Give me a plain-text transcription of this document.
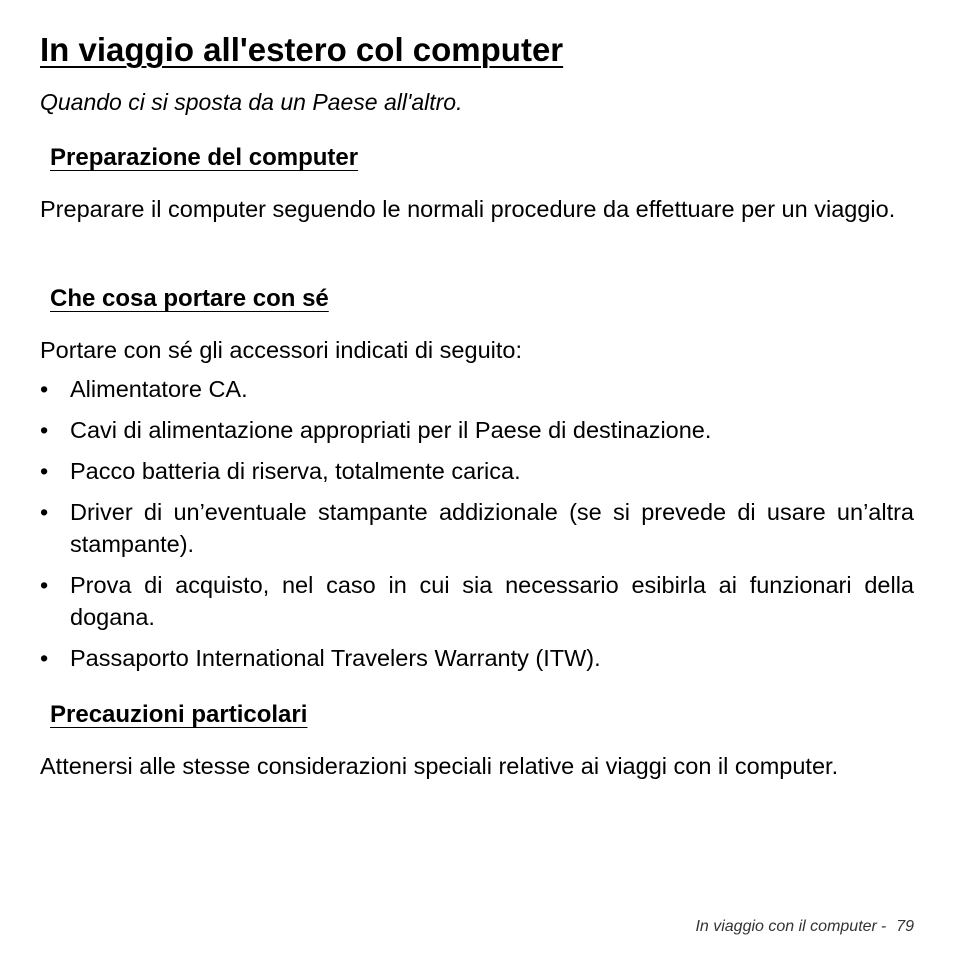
In viaggio all'estero col computer

Quando ci si sposta da un Paese all'altro.

Preparazione del computer

Preparare il computer seguendo le normali procedure da effettuare per un viaggio.

Che cosa portare con sé

Portare con sé gli accessori indicati di seguito:

• Alimentatore CA.
• Cavi di alimentazione appropriati per il Paese di destinazione.
• Pacco batteria di riserva, totalmente carica.
• Driver di un’eventuale stampante addizionale (se si prevede di usare un’altra stampante).
• Prova di acquisto, nel caso in cui sia necessario esibirla ai funzionari della dogana.
• Passaporto International Travelers Warranty (ITW).
Precauzioni particolari

Attenersi alle stesse considerazioni speciali relative ai viaggi con il computer.

In viaggio con il computer - 79
